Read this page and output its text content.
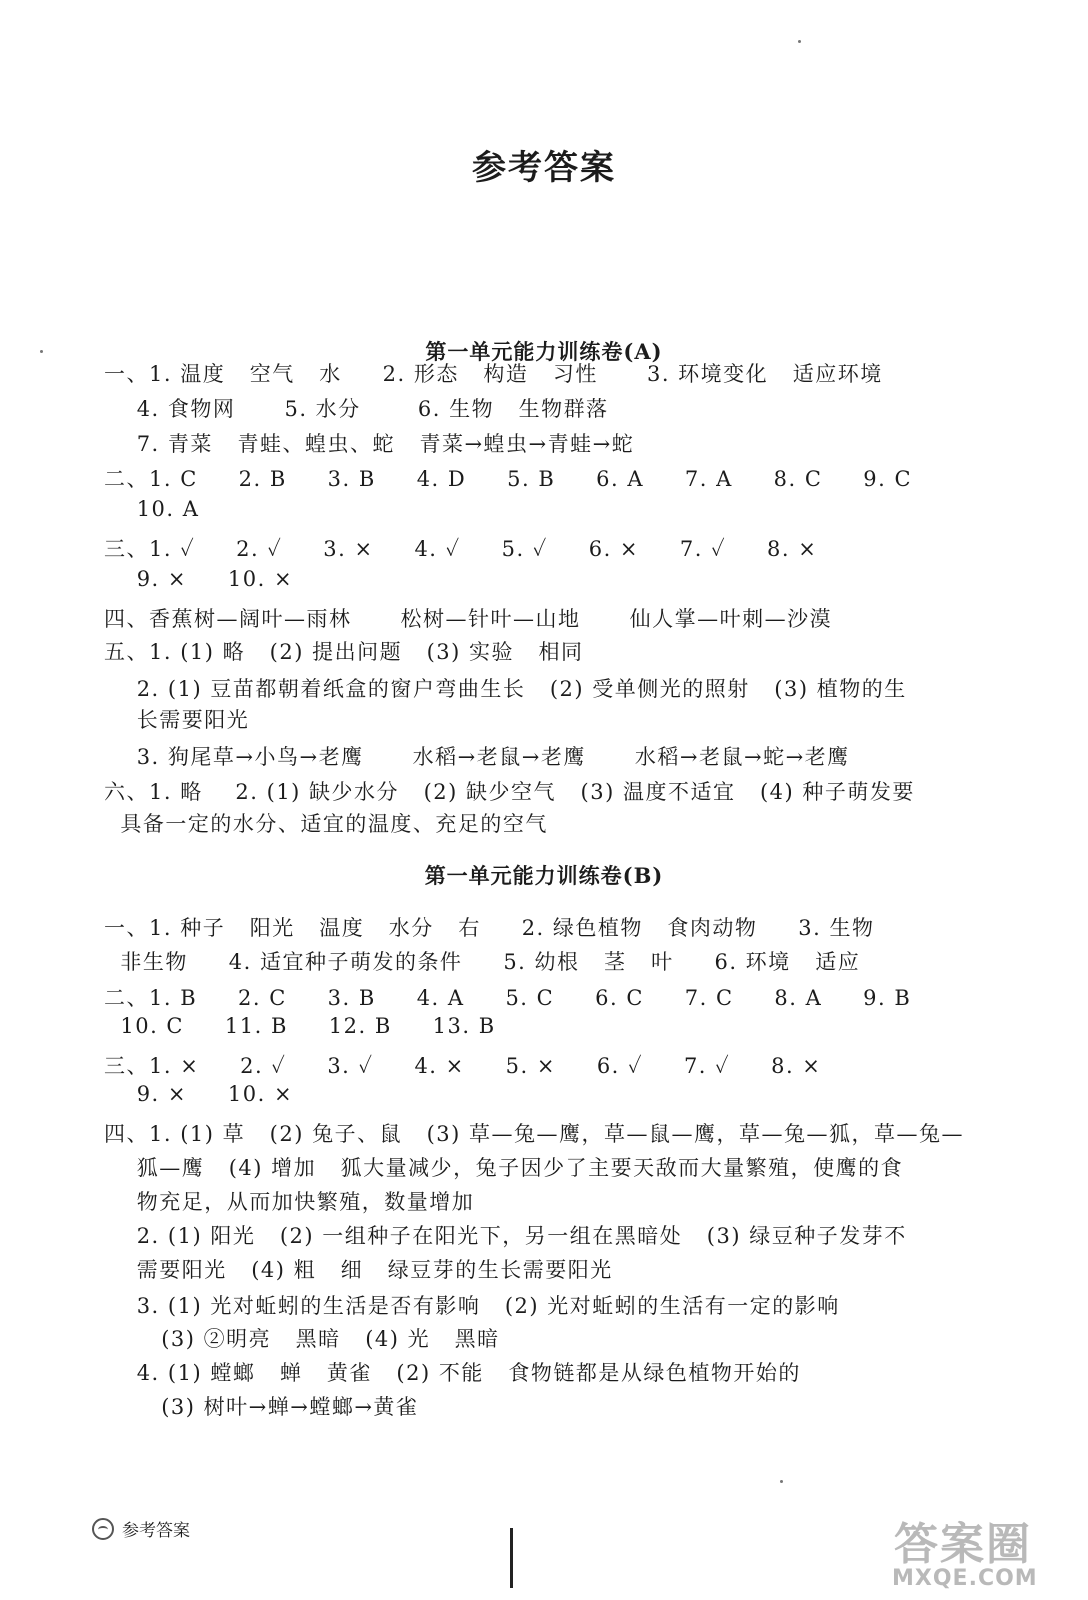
参考答案
第一单元能力训练卷(A)
一、1. 温度   空气   水     2. 形态   构造   习性      3. 环境变化   适应环境
4. 食物网      5. 水分       6. 生物   生物群落
7. 青菜   青蛙、蝗虫、蛇   青菜→蝗虫→青蛙→蛇
二、1. C     2. B     3. B     4. D     5. B     6. A     7. A     8. C     9. C
10. A
三、1. ✓     2. ✓     3. ×     4. ✓     5. ✓     6. ×     7. ✓     8. ×
9. ×     10. ×
四、香蕉树—阔叶—雨林      松树—针叶—山地      仙人掌—叶刺—沙漠
五、1. (1) 略   (2) 提出问题   (3) 实验   相同
2. (1) 豆苗都朝着纸盒的窗户弯曲生长   (2) 受单侧光的照射   (3) 植物的生
长需要阳光
3. 狗尾草→小鸟→老鹰      水稻→老鼠→老鹰      水稻→老鼠→蛇→老鹰
六、1. 略    2. (1) 缺少水分   (2) 缺少空气   (3) 温度不适宜   (4) 种子萌发要
具备一定的水分、适宜的温度、充足的空气
第一单元能力训练卷(B)
一、1. 种子   阳光   温度   水分   右     2. 绿色植物   食肉动物     3. 生物
非生物     4. 适宜种子萌发的条件     5. 幼根   茎   叶     6. 环境   适应
二、1. B     2. C     3. B     4. A     5. C     6. C     7. C     8. A     9. B
10. C     11. B     12. B     13. B
三、1. ×     2. ✓     3. ✓     4. ×     5. ×     6. ✓     7. ✓     8. ×
9. ×     10. ×
四、1. (1) 草   (2) 兔子、鼠   (3) 草—兔—鹰，草—鼠—鹰，草—兔—狐，草—兔—
狐—鹰   (4) 增加   狐大量减少，兔子因少了主要天敌而大量繁殖，使鹰的食
物充足，从而加快繁殖，数量增加
2. (1) 阳光   (2) 一组种子在阳光下，另一组在黑暗处   (3) 绿豆种子发芽不
需要阳光   (4) 粗   细   绿豆芽的生长需要阳光
3. (1) 光对蚯蚓的生活是否有影响   (2) 光对蚯蚓的生活有一定的影响
(3) ②明亮   黑暗   (4) 光   黑暗
4. (1) 螳螂   蝉   黄雀   (2) 不能   食物链都是从绿色植物开始的
(3) 树叶→蝉→螳螂→黄雀
参考答案	答案圈
MXQE.COM
